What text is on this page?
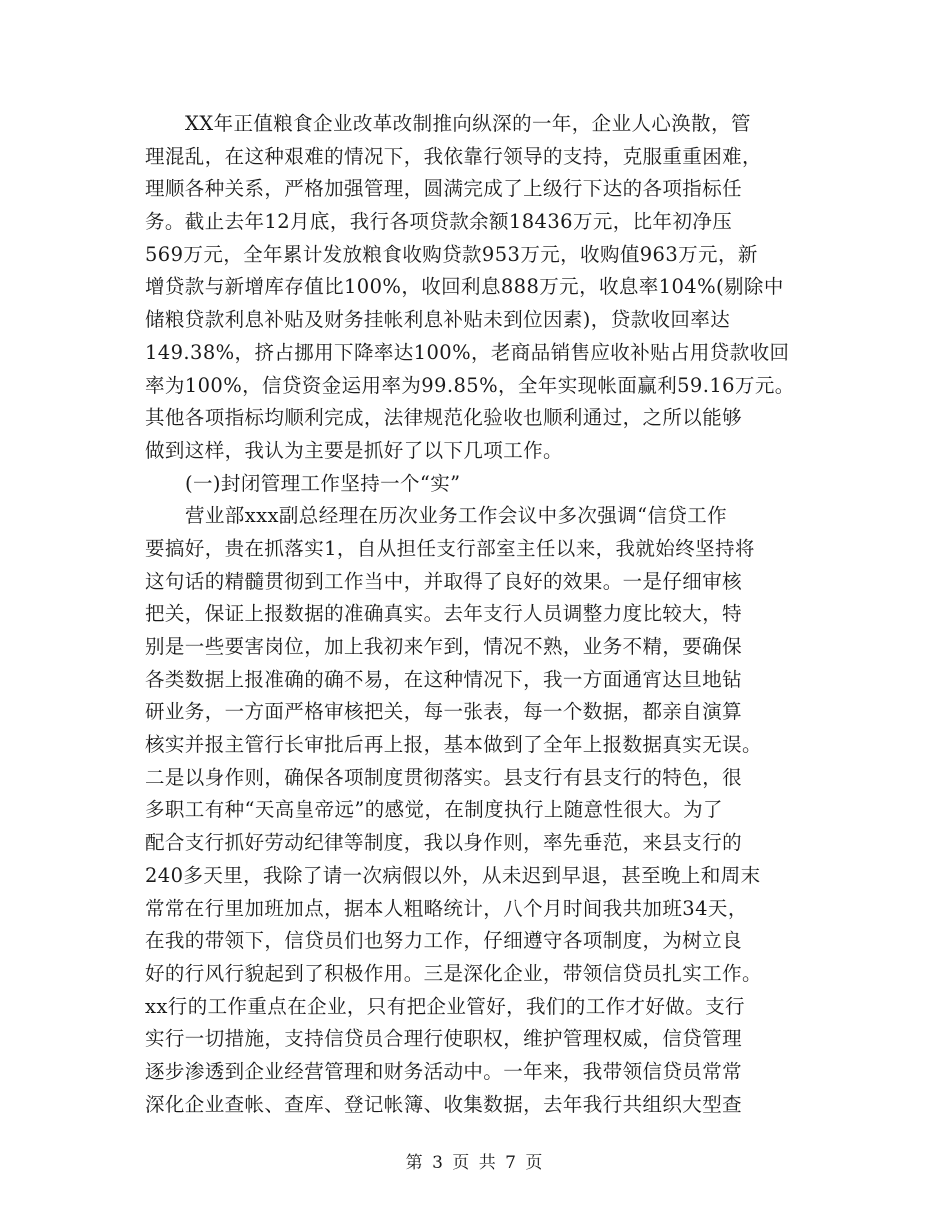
XX年正值粮食企业改革改制推向纵深的一年，企业人心涣散，管
理混乱，在这种艰难的情况下，我依靠行领导的支持，克服重重困难，
理顺各种关系，严格加强管理，圆满完成了上级行下达的各项指标任
务。截止去年12月底，我行各项贷款余额18436万元，比年初净压
569万元，全年累计发放粮食收购贷款953万元，收购值963万元，新
增贷款与新增库存值比100%，收回利息888万元，收息率104%(剔除中
储粮贷款利息补贴及财务挂帐利息补贴未到位因素)，贷款收回率达
149.38%，挤占挪用下降率达100%，老商品销售应收补贴占用贷款收回
率为100%，信贷资金运用率为99.85%，全年实现帐面赢利59.16万元。
其他各项指标均顺利完成，法律规范化验收也顺利通过，之所以能够
做到这样，我认为主要是抓好了以下几项工作。
(一)封闭管理工作坚持一个“实”
营业部xxx副总经理在历次业务工作会议中多次强调“信贷工作
要搞好，贵在抓落实1，自从担任支行部室主任以来，我就始终坚持将
这句话的精髓贯彻到工作当中，并取得了良好的效果。一是仔细审核
把关，保证上报数据的准确真实。去年支行人员调整力度比较大，特
别是一些要害岗位，加上我初来乍到，情况不熟，业务不精，要确保
各类数据上报准确的确不易，在这种情况下，我一方面通宵达旦地钻
研业务，一方面严格审核把关，每一张表，每一个数据，都亲自演算
核实并报主管行长审批后再上报，基本做到了全年上报数据真实无误。
二是以身作则，确保各项制度贯彻落实。县支行有县支行的特色，很
多职工有种“天高皇帝远”的感觉，在制度执行上随意性很大。为了
配合支行抓好劳动纪律等制度，我以身作则，率先垂范，来县支行的
240多天里，我除了请一次病假以外，从未迟到早退，甚至晚上和周末
常常在行里加班加点，据本人粗略统计，八个月时间我共加班34天，
在我的带领下，信贷员们也努力工作，仔细遵守各项制度，为树立良
好的行风行貌起到了积极作用。三是深化企业，带领信贷员扎实工作。
xx行的工作重点在企业，只有把企业管好，我们的工作才好做。支行
实行一切措施，支持信贷员合理行使职权，维护管理权威，信贷管理
逐步渗透到企业经营管理和财务活动中。一年来，我带领信贷员常常
深化企业查帐、查库、登记帐簿、收集数据，去年我行共组织大型查
第 3 页 共 7 页
